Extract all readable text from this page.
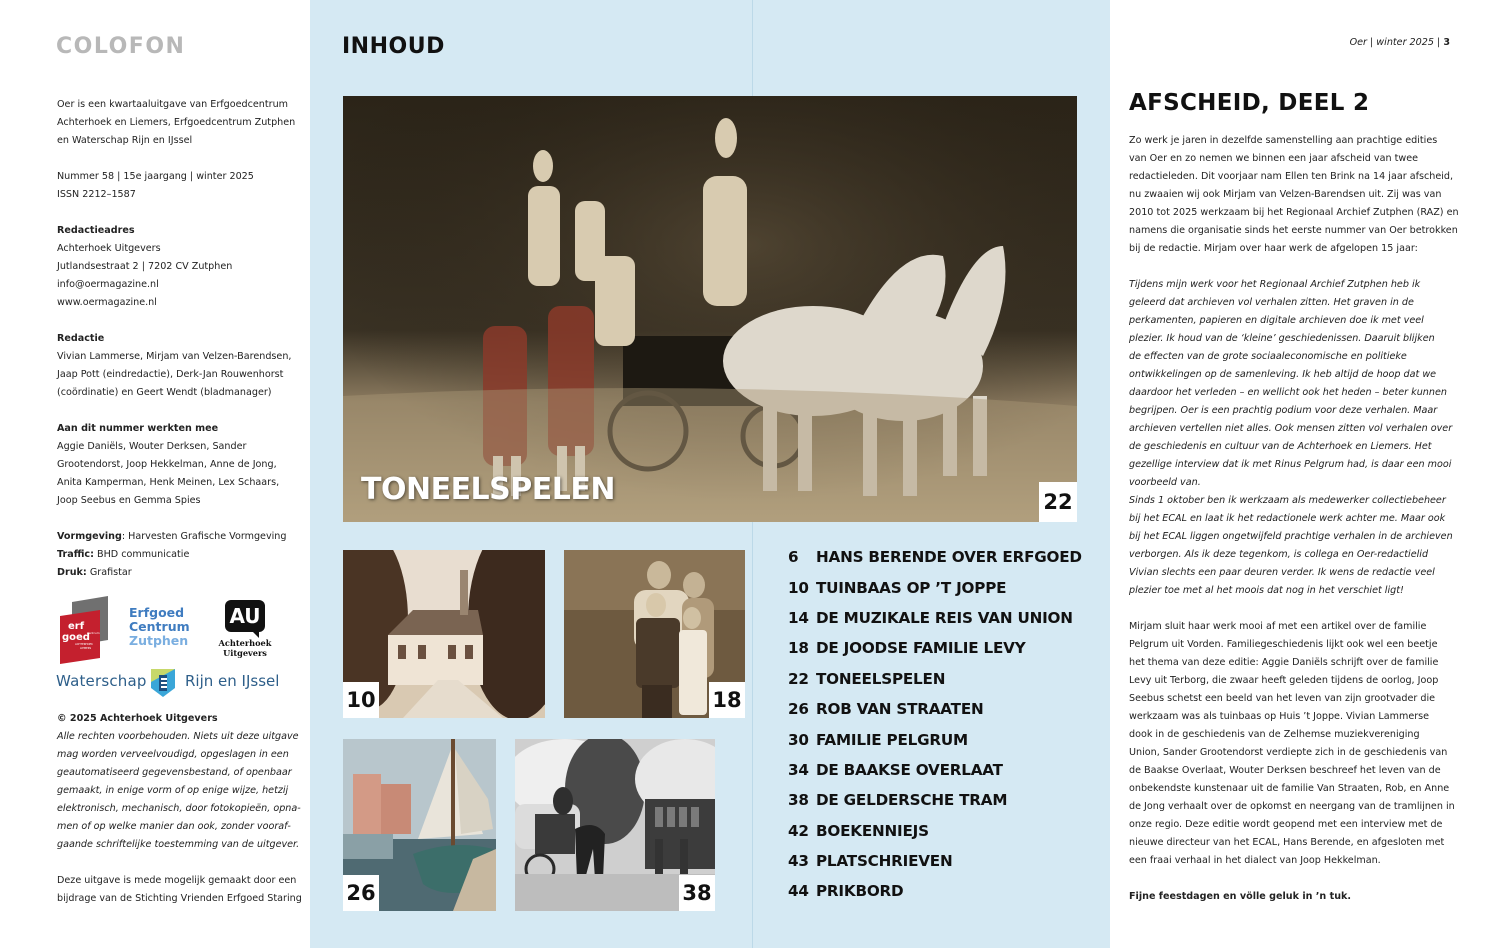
COLOFON

Oer is een kwartaaluitgave van Erfgoedcentrum

Achterhoek en Liemers, Erfgoedcentrum Zutphen

en Waterschap Rijn en IJssel

Nummer 58 | 15e jaargang | winter 2025

ISSN 2212–1587

Redactieadres

Achterhoek Uitgevers

Jutlandsestraat 2 | 7202 CV Zutphen

info@oermagazine.nl

www.oermagazine.nl

Redactie

Vivian Lammerse, Mirjam van Velzen-Barendsen,

Jaap Pott (eindredactie), Derk-Jan Rouwenhorst

(coördinatie) en Geert Wendt (bladmanager)

Aan dit nummer werkten mee

Aggie Daniëls, Wouter Derksen, Sander

Grootendorst, Joop Hekkelman, Anne de Jong,

Anita Kamperman, Henk Meinen, Lex Schaars,

Joop Seebus en Gemma Spies

Vormgeving: Harvesten Grafische Vormgeving

Traffic: BHD communicatie

Druk: Grafistar

erf
goed
centrum
ACHTERHOEK
LIEMERS
Erfgoed
Centrum
Zutphen
AU
Achterhoek
Uitgevers
Waterschap	Rijn en IJssel

© 2025 Achterhoek Uitgevers

Alle rechten voorbehouden. Niets uit deze uitgave

mag worden verveelvoudigd, opgeslagen in een

geautomatiseerd gegevensbestand, of openbaar

gemaakt, in enige vorm of op enige wijze, hetzij

elektronisch, mechanisch, door fotokopieën, opna-

men of op welke manier dan ook, zonder vooraf-

gaande schriftelijke toestemming van de uitgever.

Deze uitgave is mede mogelijk gemaakt door een

bijdrage van de Stichting Vrienden Erfgoed Staring

INHOUD
TONEELSPELEN	22
10	18
26	38
6	HANS BERENDE OVER ERFGOED
10 TUINBAAS OP ’T JOPPE
14 DE MUZIKALE REIS VAN UNION
18 DE JOODSE FAMILIE LEVY
22 TONEELSPELEN
26 ROB VAN STRAATEN
30 FAMILIE PELGRUM
34 DE BAAKSE OVERLAAT
38 DE GELDERSCHE TRAM
42 BOEKENNIEJS
43 PLATSCHRIEVEN
44 PRIKBORD
Oer | winter 2025 | 3
AFSCHEID, DEEL 2

Zo werk je jaren in dezelfde samenstelling aan prachtige edities

van Oer en zo nemen we binnen een jaar afscheid van twee

redactieleden. Dit voorjaar nam Ellen ten Brink na 14 jaar afscheid,

nu zwaaien wij ook Mirjam van Velzen-Barendsen uit. Zij was van

2010 tot 2025 werkzaam bij het Regionaal Archief Zutphen (RAZ) en

namens die organisatie sinds het eerste nummer van Oer betrokken

bij de redactie. Mirjam over haar werk de afgelopen 15 jaar:

Tijdens mijn werk voor het Regionaal Archief Zutphen heb ik

geleerd dat archieven vol verhalen zitten. Het graven in de

perkamenten, papieren en digitale archieven doe ik met veel

plezier. Ik houd van de ‘kleine’ geschiedenissen. Daaruit blijken

de effecten van de grote sociaaleconomische en politieke

ontwikkelingen op de samenleving. Ik heb altijd de hoop dat we

daardoor het verleden – en wellicht ook het heden – beter kunnen

begrijpen. Oer is een prachtig podium voor deze verhalen. Maar

archieven vertellen niet alles. Ook mensen zitten vol verhalen over

de geschiedenis en cultuur van de Achterhoek en Liemers. Het

gezellige interview dat ik met Rinus Pelgrum had, is daar een mooi

voorbeeld van.

Sinds 1 oktober ben ik werkzaam als medewerker collectiebeheer

bij het ECAL en laat ik het redactionele werk achter me. Maar ook

bij het ECAL liggen ongetwijfeld prachtige verhalen in de archieven

verborgen. Als ik deze tegenkom, is collega en Oer-redactielid

Vivian slechts een paar deuren verder. Ik wens de redactie veel

plezier toe met al het moois dat nog in het verschiet ligt!

Mirjam sluit haar werk mooi af met een artikel over de familie

Pelgrum uit Vorden. Familiegeschiedenis lijkt ook wel een beetje

het thema van deze editie: Aggie Daniëls schrijft over de familie

Levy uit Terborg, die zwaar heeft geleden tijdens de oorlog, Joop

Seebus schetst een beeld van het leven van zijn grootvader die

werkzaam was als tuinbaas op Huis ’t Joppe. Vivian Lammerse

dook in de geschiedenis van de Zelhemse muziekvereniging

Union, Sander Grootendorst verdiepte zich in de geschiedenis van

de Baakse Overlaat, Wouter Derksen beschreef het leven van de

onbekendste kunstenaar uit de familie Van Straaten, Rob, en Anne

de Jong verhaalt over de opkomst en neergang van de tramlijnen in

onze regio. Deze editie wordt geopend met een interview met de

nieuwe directeur van het ECAL, Hans Berende, en afgesloten met

een fraai verhaal in het dialect van Joop Hekkelman.

Fijne feestdagen en völle geluk in ’n tuk.
